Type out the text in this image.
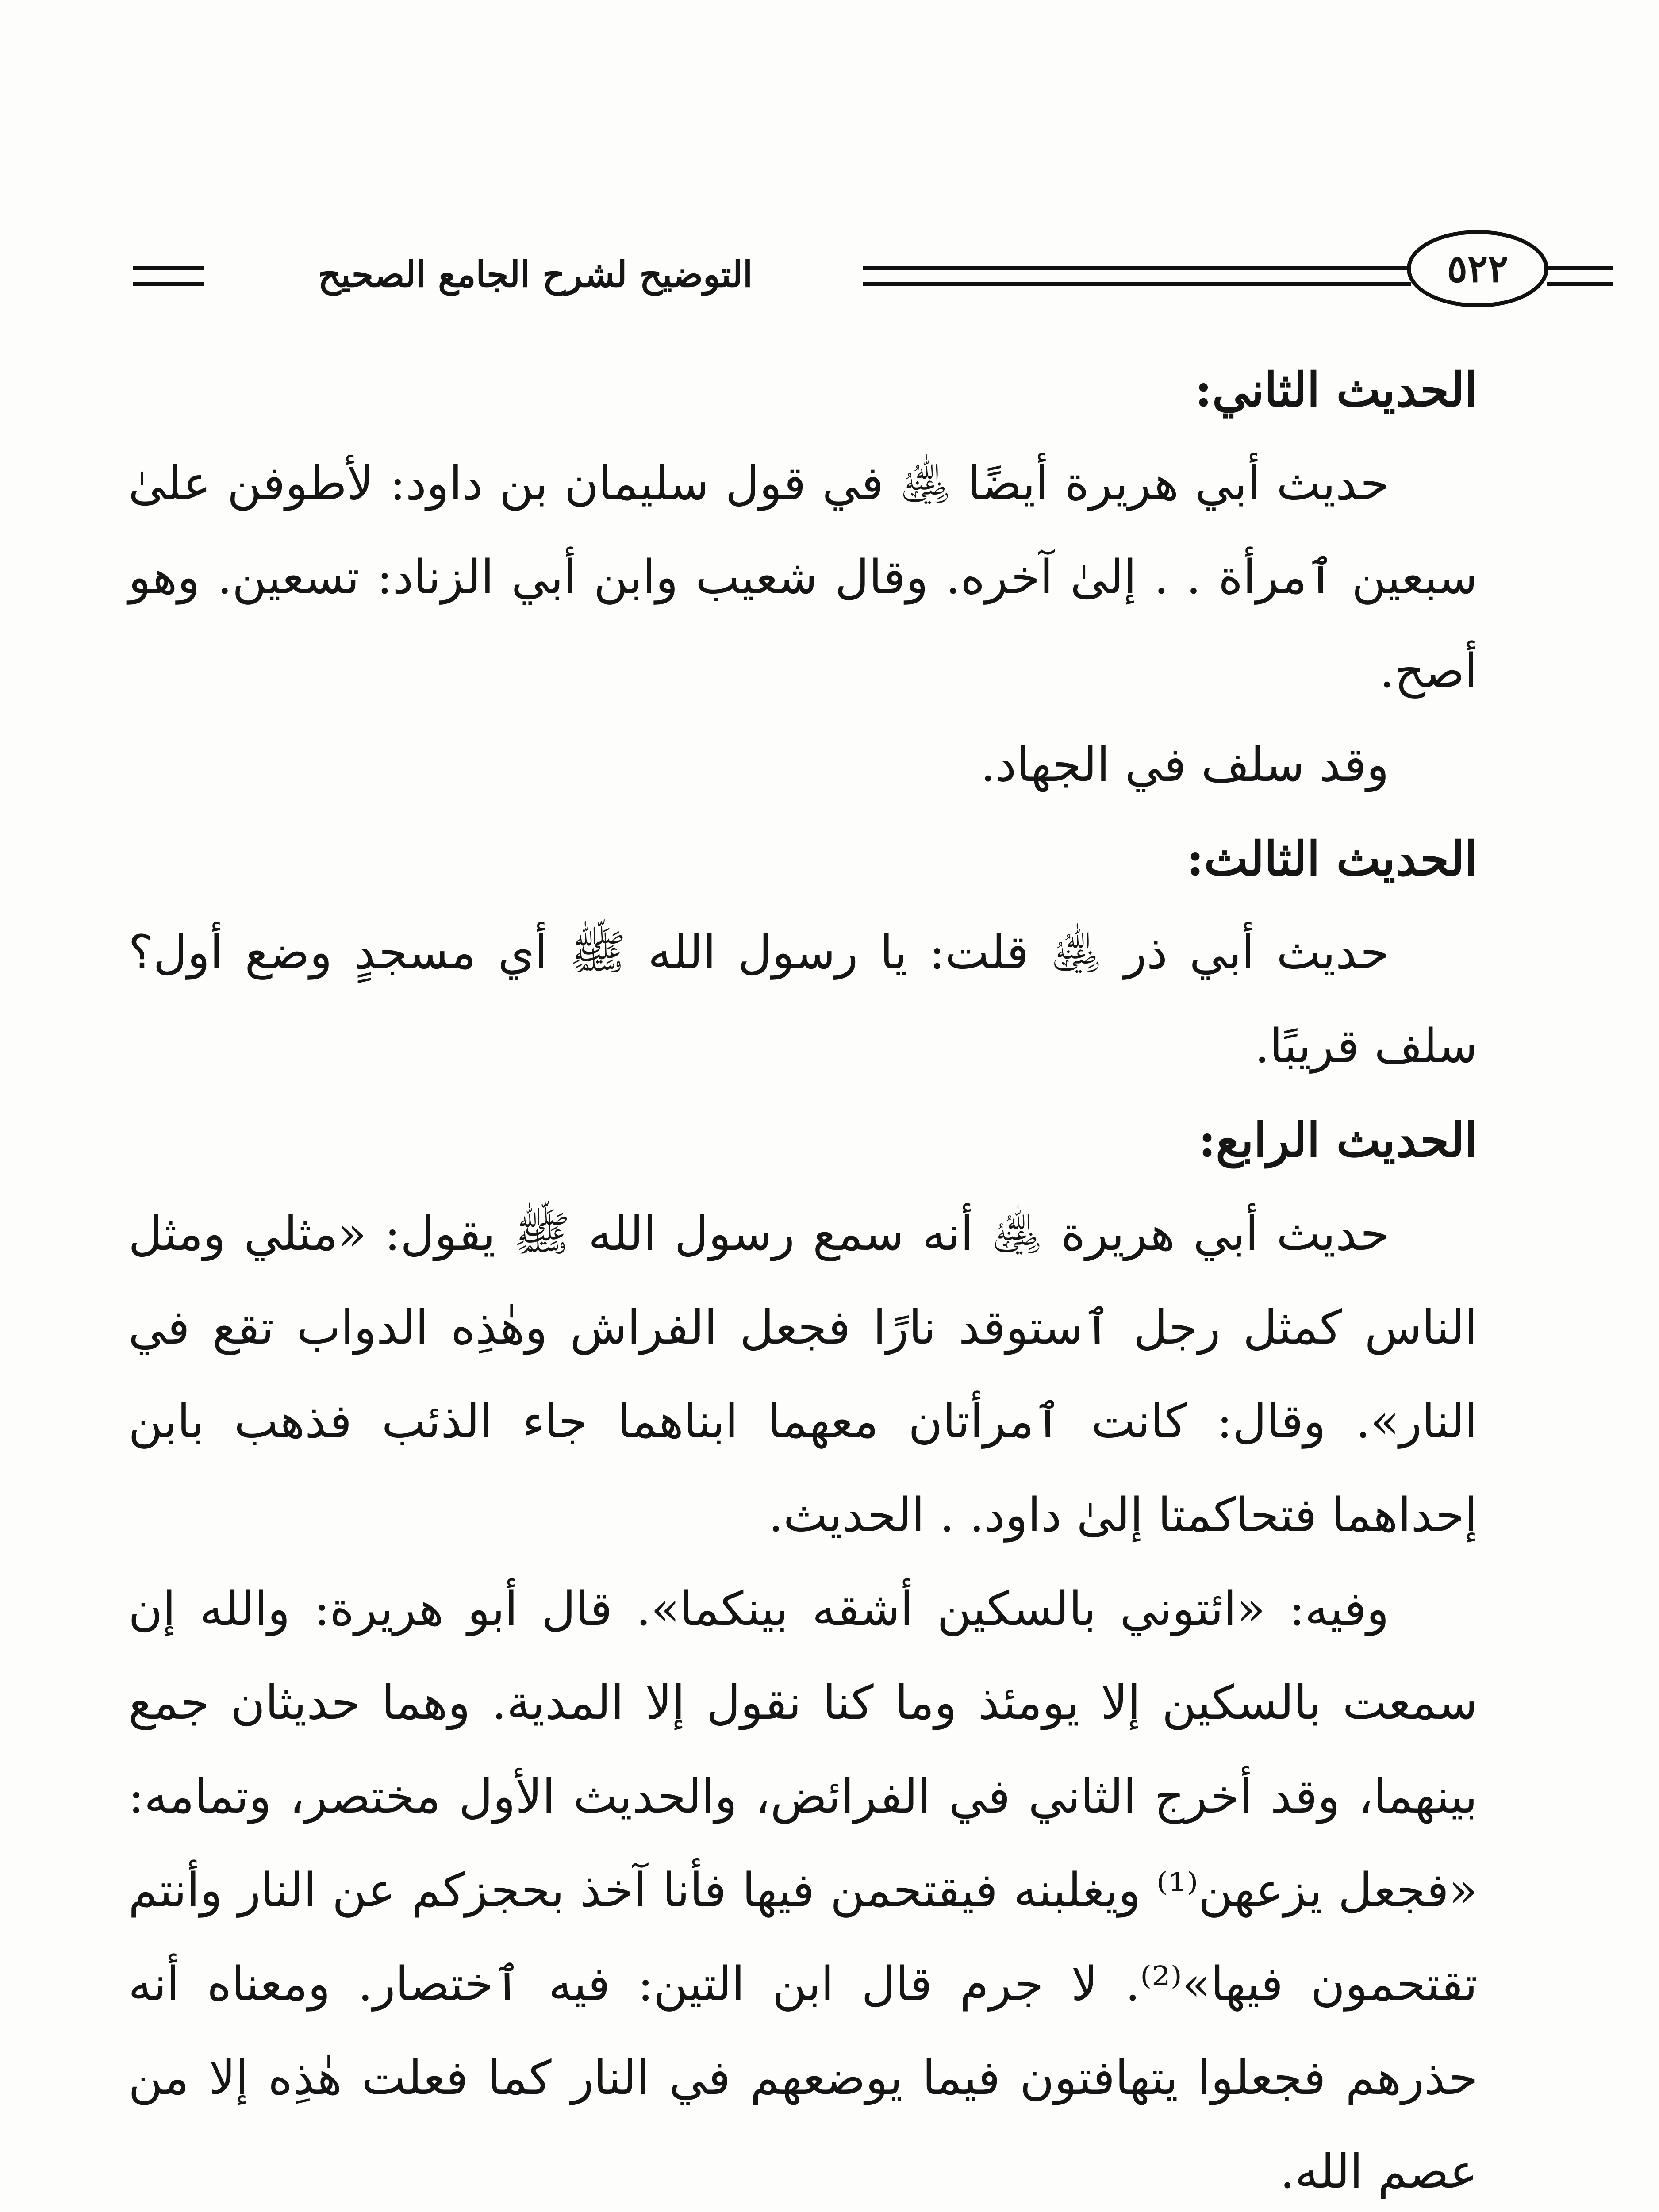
التوضيح لشرح الجامع الصحيح	٥٢٢

الحديث الثاني:

حديث أبي هريرة أيضًا ﵁ في قول سليمان بن داود: لأطوفن علىٰ سبعين ٱمرأة . . إلىٰ آخره. وقال شعيب وابن أبي الزناد: تسعين. وهو أصح.

وقد سلف في الجهاد.

الحديث الثالث:

حديث أبي ذر ﵁ قلت: يا رسول الله ﷺ أي مسجدٍ وضع أول؟ سلف قريبًا.

الحديث الرابع:

حديث أبي هريرة ﵁ أنه سمع رسول الله ﷺ يقول: «مثلي ومثل الناس كمثل رجل ٱستوقد نارًا فجعل الفراش وهٰذِه الدواب تقع في النار». وقال: كانت ٱمرأتان معهما ابناهما جاء الذئب فذهب بابن إحداهما فتحاكمتا إلىٰ داود. . الحديث.

وفيه: «ائتوني بالسكين أشقه بينكما». قال أبو هريرة: والله إن سمعت بالسكين إلا يومئذ وما كنا نقول إلا المدية. وهما حديثان جمع بينهما، وقد أخرج الثاني في الفرائض، والحديث الأول مختصر، وتمامه: «فجعل يزعهن⁽¹⁾ ويغلبنه فيقتحمن فيها فأنا آخذ بحجزكم عن النار وأنتم تقتحمون فيها»⁽²⁾. لا جرم قال ابن التين: فيه ٱختصار. ومعناه أنه حذرهم فجعلوا يتهافتون فيما يوضعهم في النار كما فعلت هٰذِه إلا من عصم الله.
